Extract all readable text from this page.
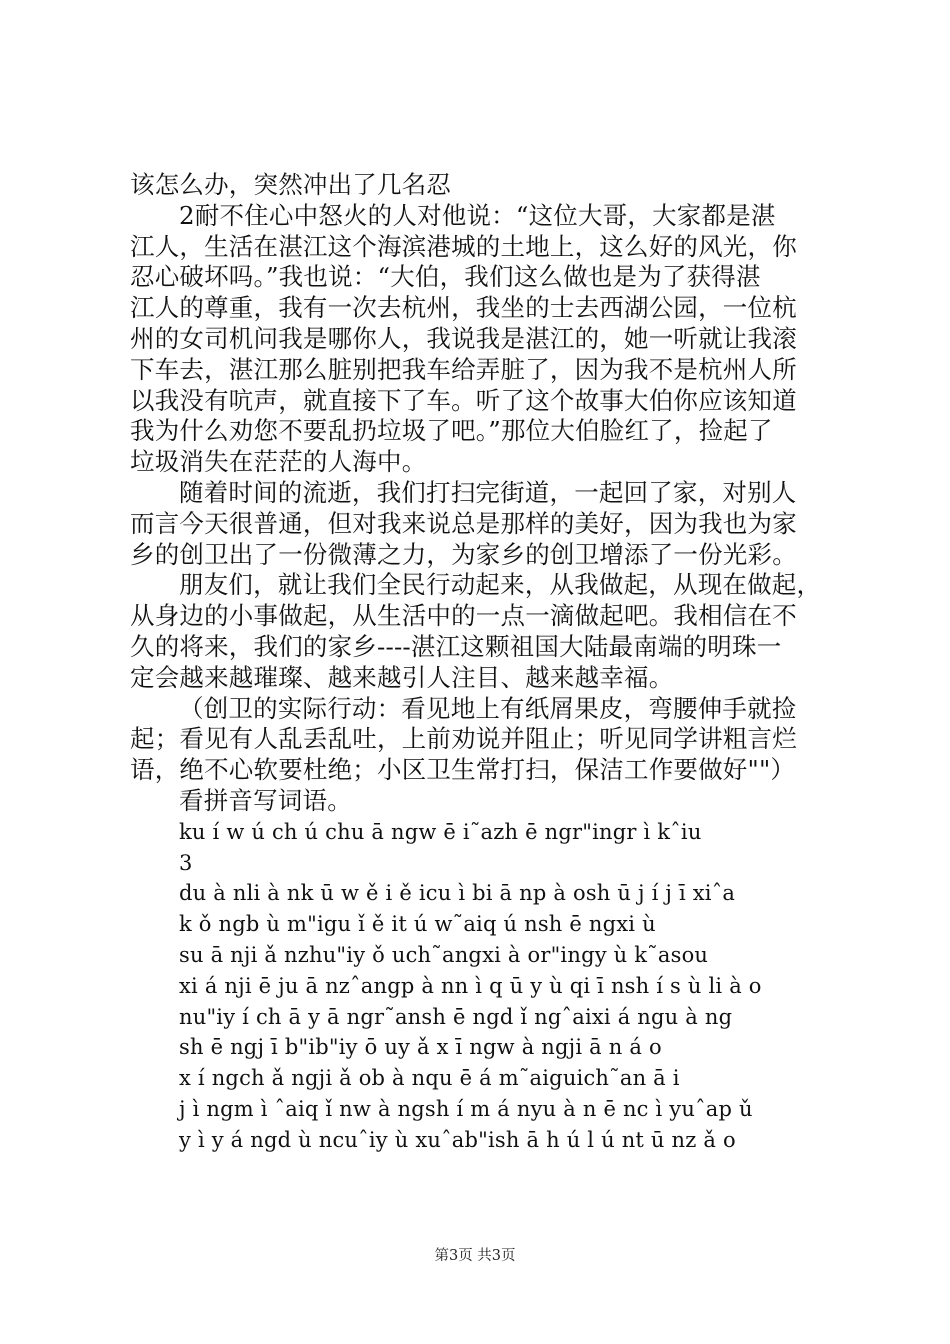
该怎么办，突然冲出了几名忍
2耐不住心中怒火的人对他说：“这位大哥，大家都是湛
江人，生活在湛江这个海滨港城的土地上，这么好的风光，你
忍心破坏吗。”我也说：“大伯，我们这么做也是为了获得湛
江人的尊重，我有一次去杭州，我坐的士去西湖公园，一位杭
州的女司机问我是哪你人，我说我是湛江的，她一听就让我滚
下车去，湛江那么脏别把我车给弄脏了，因为我不是杭州人所
以我没有吭声，就直接下了车。听了这个故事大伯你应该知道
我为什么劝您不要乱扔垃圾了吧。”那位大伯脸红了，捡起了
垃圾消失在茫茫的人海中。
随着时间的流逝，我们打扫完街道，一起回了家，对别人
而言今天很普通，但对我来说总是那样的美好，因为我也为家
乡的创卫出了一份微薄之力，为家乡的创卫增添了一份光彩。
朋友们，就让我们全民行动起来，从我做起，从现在做起，
从身边的小事做起，从生活中的一点一滴做起吧。我相信在不
久的将来，我们的家乡----湛江这颗祖国大陆最南端的明珠一
定会越来越璀璨、越来越引人注目、越来越幸福。
（创卫的实际行动：看见地上有纸屑果皮，弯腰伸手就捡
起；看见有人乱丢乱吐，上前劝说并阻止；听见同学讲粗言烂
语，绝不心软要杜绝；小区卫生常打扫，保洁工作要做好""）
看拼音写词语。
ku í w ú ch ú chu ā ngw ē i˜azh ē ngr"ingr ì kˆiu
3
du à nli à nk ū w ě i ě icu ì bi ā np à osh ū j í j ī xiˆa
k ǒ ngb ù m"igu ǐ ě it ú w˜aiq ú nsh ē ngxi ù
su ā nji ǎ nzhu"iy ǒ uch˜angxi à or"ingy ù k˜asou
xi á nji ē ju ā nzˆangp à nn ì q ū y ù qi ī nsh í s ù li à o
nu"iy í ch ā y ā ngr˜ansh ē ngd ǐ ngˆaixi á ngu à ng
sh ē ngj ī b"ib"iy ō uy ǎ x ī ngw à ngji ā n á o
x í ngch ǎ ngji ǎ ob à nqu ē á m˜aiguich˜an ā i
j ì ngm ì ˆaiq ǐ nw à ngsh í m á nyu à n ē nc ì yuˆap ǔ
y ì y á ngd ù ncuˆiy ù xuˆab"ish ā h ú l ú nt ū nz ǎ o
第3页 共3页
